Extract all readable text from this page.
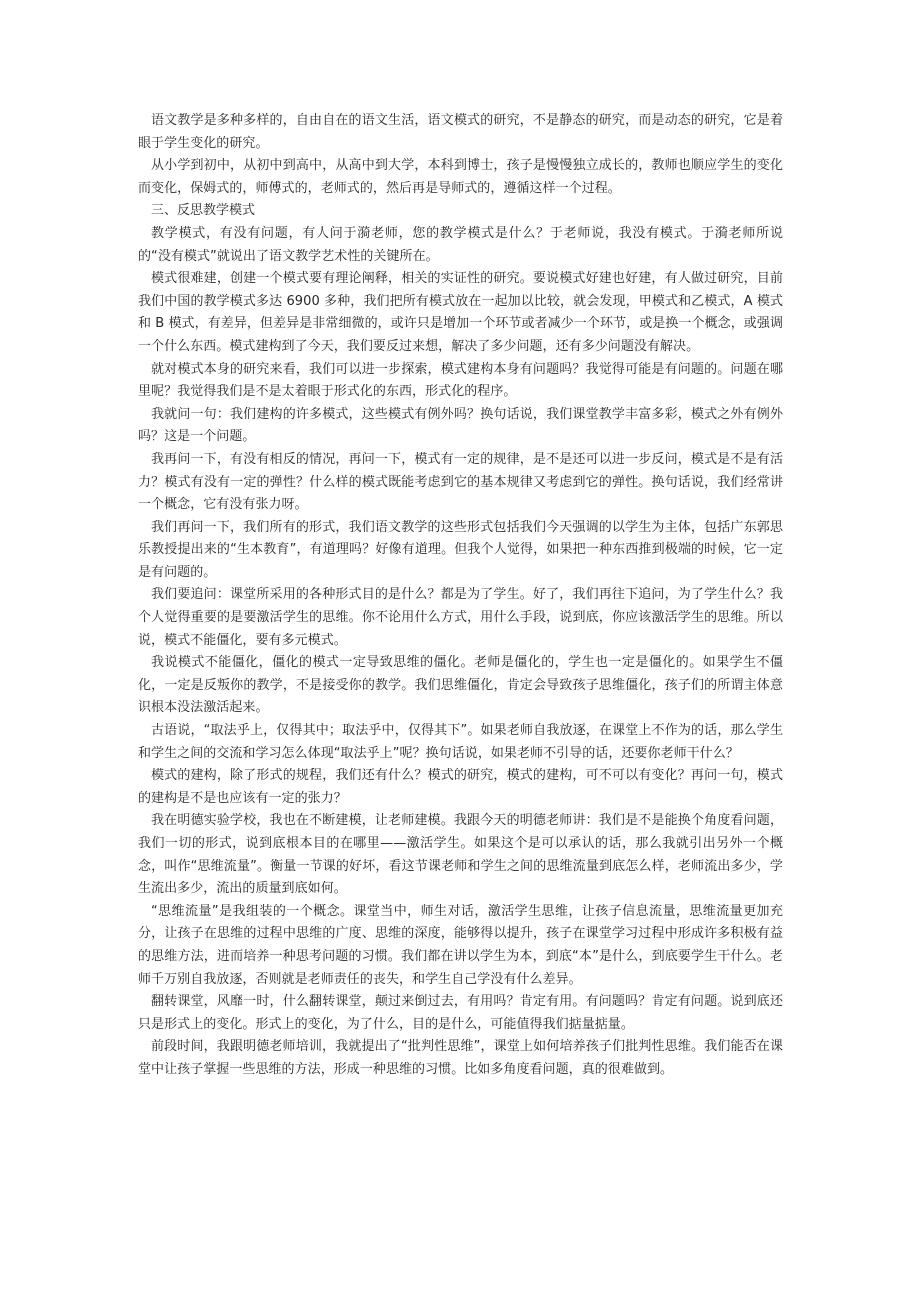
语文教学是多种多样的，自由自在的语文生活，语文模式的研究，不是静态的研究，而是动态的研究，它是着眼于学生变化的研究。

从小学到初中，从初中到高中，从高中到大学，本科到博士，孩子是慢慢独立成长的，教师也顺应学生的变化而变化，保姆式的，师傅式的，老师式的，然后再是导师式的，遵循这样一个过程。

三、反思教学模式

教学模式，有没有问题，有人问于漪老师，您的教学模式是什么？于老师说，我没有模式。于漪老师所说的“没有模式”就说出了语文教学艺术性的关键所在。

模式很难建，创建一个模式要有理论阐释，相关的实证性的研究。要说模式好建也好建，有人做过研究，目前我们中国的教学模式多达 6900 多种，我们把所有模式放在一起加以比较，就会发现，甲模式和乙模式，A 模式和 B 模式，有差异，但差异是非常细微的，或许只是增加一个环节或者减少一个环节，或是换一个概念，或强调一个什么东西。模式建构到了今天，我们要反过来想，解决了多少问题，还有多少问题没有解决。

就对模式本身的研究来看，我们可以进一步探索，模式建构本身有问题吗？我觉得可能是有问题的。问题在哪里呢？我觉得我们是不是太着眼于形式化的东西，形式化的程序。

我就问一句：我们建构的许多模式，这些模式有例外吗？换句话说，我们课堂教学丰富多彩，模式之外有例外吗？这是一个问题。

我再问一下，有没有相反的情况，再问一下，模式有一定的规律，是不是还可以进一步反问，模式是不是有活力？模式有没有一定的弹性？什么样的模式既能考虑到它的基本规律又考虑到它的弹性。换句话说，我们经常讲一个概念，它有没有张力呀。

我们再问一下，我们所有的形式，我们语文教学的这些形式包括我们今天强调的以学生为主体，包括广东郭思乐教授提出来的“生本教育”，有道理吗？好像有道理。但我个人觉得，如果把一种东西推到极端的时候，它一定是有问题的。

我们要追问：课堂所采用的各种形式目的是什么？都是为了学生。好了，我们再往下追问，为了学生什么？我个人觉得重要的是要激活学生的思维。你不论用什么方式，用什么手段，说到底，你应该激活学生的思维。所以说，模式不能僵化，要有多元模式。

我说模式不能僵化，僵化的模式一定导致思维的僵化。老师是僵化的，学生也一定是僵化的。如果学生不僵化，一定是反叛你的教学，不是接受你的教学。我们思维僵化，肯定会导致孩子思维僵化，孩子们的所谓主体意识根本没法激活起来。

古语说，“取法乎上，仅得其中；取法乎中，仅得其下”。如果老师自我放逐，在课堂上不作为的话，那么学生和学生之间的交流和学习怎么体现“取法乎上”呢？换句话说，如果老师不引导的话，还要你老师干什么？

模式的建构，除了形式的规程，我们还有什么？模式的研究，模式的建构，可不可以有变化？再问一句，模式的建构是不是也应该有一定的张力？

我在明德实验学校，我也在不断建模，让老师建模。我跟今天的明德老师讲：我们是不是能换个角度看问题，我们一切的形式，说到底根本目的在哪里——激活学生。如果这个是可以承认的话，那么我就引出另外一个概念，叫作“思维流量”。衡量一节课的好坏，看这节课老师和学生之间的思维流量到底怎么样，老师流出多少，学生流出多少，流出的质量到底如何。

“思维流量”是我组装的一个概念。课堂当中，师生对话，激活学生思维，让孩子信息流量，思维流量更加充分，让孩子在思维的过程中思维的广度、思维的深度，能够得以提升，孩子在课堂学习过程中形成许多积极有益的思维方法，进而培养一种思考问题的习惯。我们都在讲以学生为本，到底“本”是什么，到底要学生干什么。老师千万别自我放逐，否则就是老师责任的丧失，和学生自己学没有什么差异。

翻转课堂，风靡一时，什么翻转课堂，颠过来倒过去，有用吗？肯定有用。有问题吗？肯定有问题。说到底还只是形式上的变化。形式上的变化，为了什么，目的是什么，可能值得我们掂量掂量。

前段时间，我跟明德老师培训，我就提出了“批判性思维”，课堂上如何培养孩子们批判性思维。我们能否在课堂中让孩子掌握一些思维的方法，形成一种思维的习惯。比如多角度看问题，真的很难做到。
